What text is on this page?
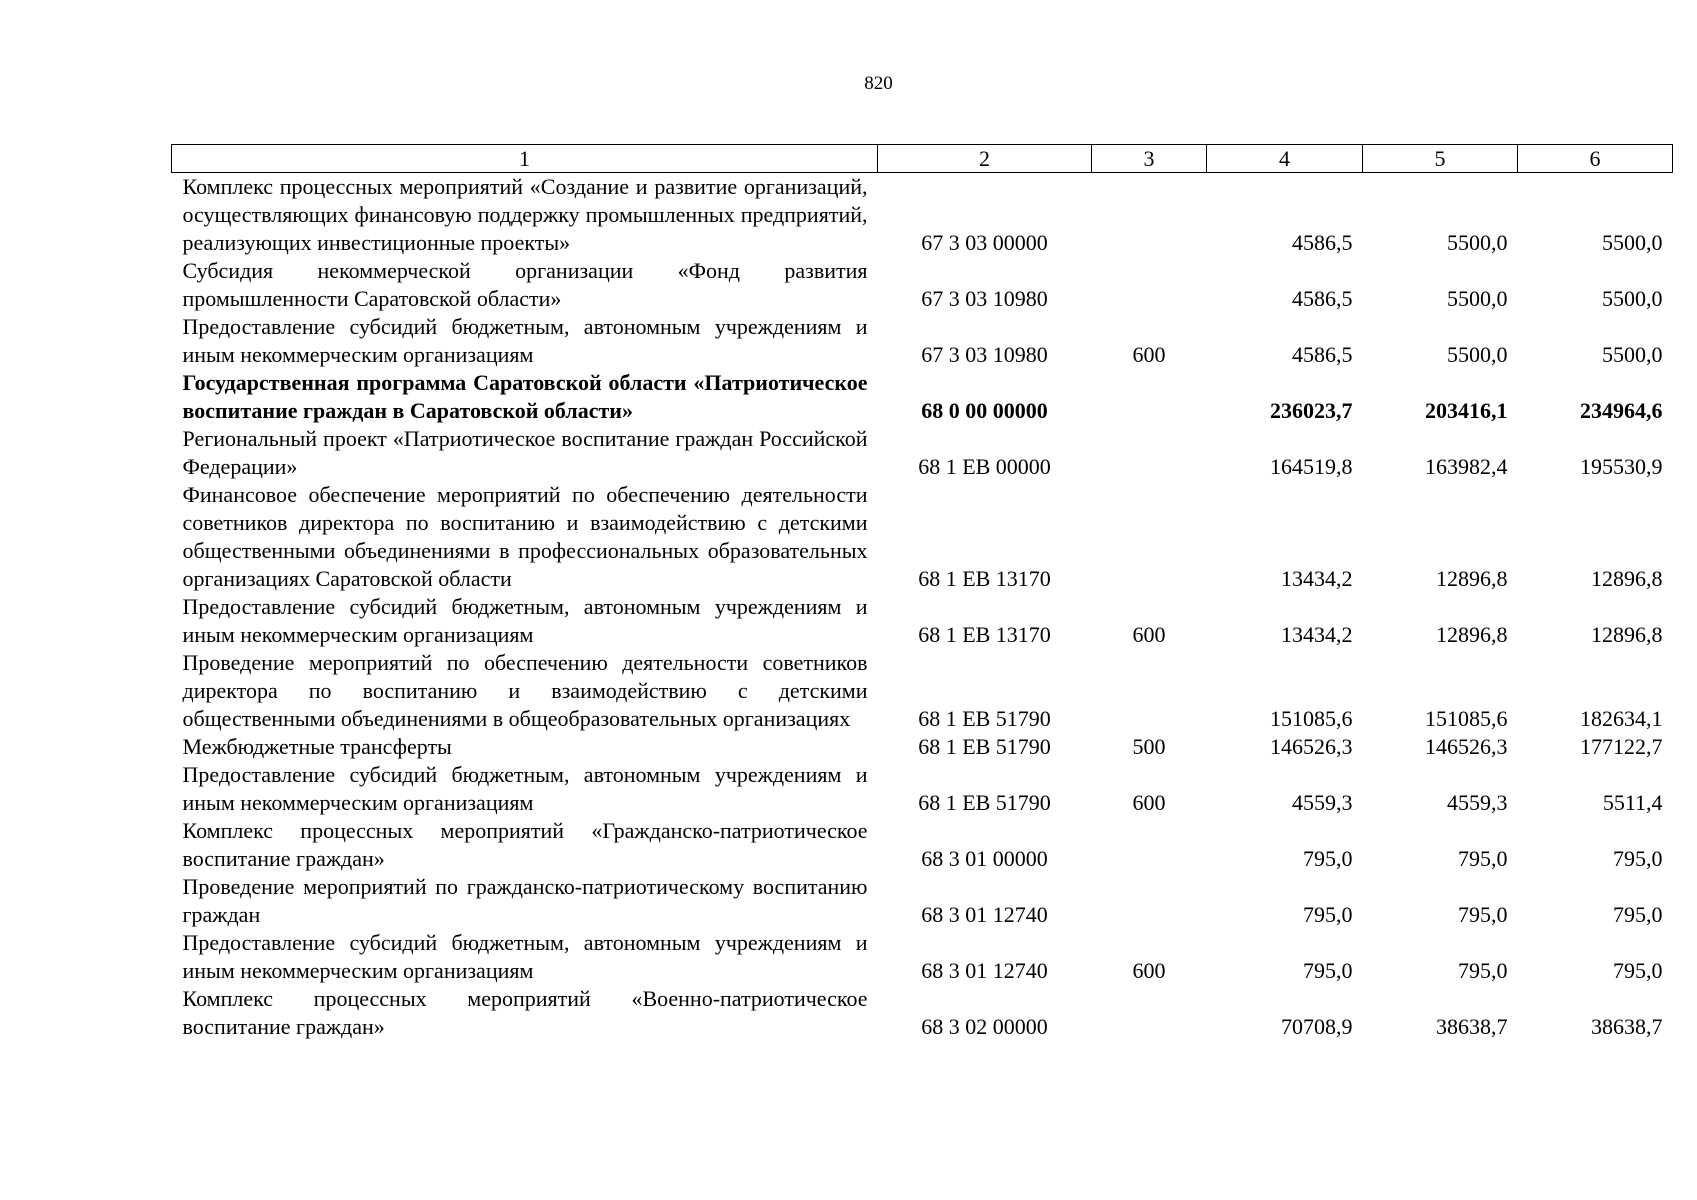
820
1	2	3	4	5	6
Комплекс процессных мероприятий «Создание и развитие организаций, осуществляющих финансовую поддержку промышленных предприятий, реализующих инвестиционные проекты»	67 3 03 00000		4586,5	5500,0	5500,0
Субсидия некоммерческой организации «Фонд развития промышленности Саратовской области»	67 3 03 10980		4586,5	5500,0	5500,0
Предоставление субсидий бюджетным, автономным учреждениям и иным некоммерческим организациям	67 3 03 10980	600	4586,5	5500,0	5500,0
Государственная программа Саратовской области «Патриотическое воспитание граждан в Саратовской области»	68 0 00 00000		236023,7	203416,1	234964,6
Региональный проект «Патриотическое воспитание граждан Российской Федерации»	68 1 EB 00000		164519,8	163982,4	195530,9
Финансовое обеспечение мероприятий по обеспечению деятельности советников директора по воспитанию и взаимодействию с детскими общественными объединениями в профессиональных образовательных организациях Саратовской области	68 1 EB 13170		13434,2	12896,8	12896,8
Предоставление субсидий бюджетным, автономным учреждениям и иным некоммерческим организациям	68 1 EB 13170	600	13434,2	12896,8	12896,8
Проведение мероприятий по обеспечению деятельности советников директора по воспитанию и взаимодействию с детскими общественными объединениями в общеобразовательных организациях	68 1 EB 51790		151085,6	151085,6	182634,1
Межбюджетные трансферты	68 1 EB 51790	500	146526,3	146526,3	177122,7
Предоставление субсидий бюджетным, автономным учреждениям и иным некоммерческим организациям	68 1 EB 51790	600	4559,3	4559,3	5511,4
Комплекс процессных мероприятий «Гражданско-патриотическое воспитание граждан»	68 3 01 00000		795,0	795,0	795,0
Проведение мероприятий по гражданско-патриотическому воспитанию граждан	68 3 01 12740		795,0	795,0	795,0
Предоставление субсидий бюджетным, автономным учреждениям и иным некоммерческим организациям	68 3 01 12740	600	795,0	795,0	795,0
Комплекс процессных мероприятий «Военно-патриотическое воспитание граждан»	68 3 02 00000		70708,9	38638,7	38638,7
